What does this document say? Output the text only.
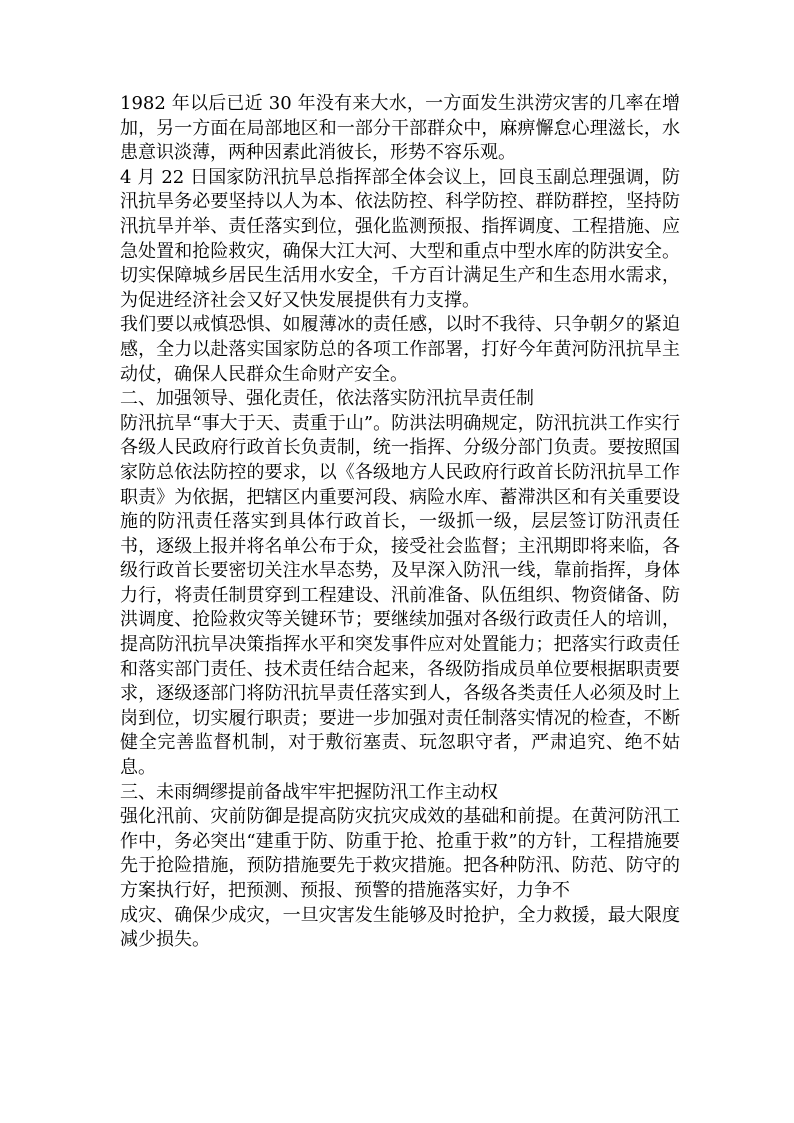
1982 年以后已近 30 年没有来大水，一方面发生洪涝灾害的几率在增加，另一方面在局部地区和一部分干部群众中，麻痹懈怠心理滋长，水患意识淡薄，两种因素此消彼长，形势不容乐观。

4 月 22 日国家防汛抗旱总指挥部全体会议上，回良玉副总理强调，防汛抗旱务必要坚持以人为本、依法防控、科学防控、群防群控，坚持防汛抗旱并举、责任落实到位，强化监测预报、指挥调度、工程措施、应急处置和抢险救灾，确保大江大河、大型和重点中型水库的防洪安全。切实保障城乡居民生活用水安全，千方百计满足生产和生态用水需求，为促进经济社会又好又快发展提供有力支撑。

我们要以戒慎恐惧、如履薄冰的责任感，以时不我待、只争朝夕的紧迫感，全力以赴落实国家防总的各项工作部署，打好今年黄河防汛抗旱主动仗，确保人民群众生命财产安全。

二、加强领导、强化责任，依法落实防汛抗旱责任制

防汛抗旱“事大于天、责重于山”。防洪法明确规定，防汛抗洪工作实行各级人民政府行政首长负责制，统一指挥、分级分部门负责。要按照国家防总依法防控的要求，以《各级地方人民政府行政首长防汛抗旱工作职责》为依据，把辖区内重要河段、病险水库、蓄滞洪区和有关重要设施的防汛责任落实到具体行政首长，一级抓一级，层层签订防汛责任书，逐级上报并将名单公布于众，接受社会监督；主汛期即将来临，各级行政首长要密切关注水旱态势，及早深入防汛一线，靠前指挥，身体力行，将责任制贯穿到工程建设、汛前准备、队伍组织、物资储备、防洪调度、抢险救灾等关键环节；要继续加强对各级行政责任人的培训，提高防汛抗旱决策指挥水平和突发事件应对处置能力；把落实行政责任和落实部门责任、技术责任结合起来，各级防指成员单位要根据职责要求，逐级逐部门将防汛抗旱责任落实到人，各级各类责任人必须及时上岗到位，切实履行职责；要进一步加强对责任制落实情况的检查，不断健全完善监督机制，对于敷衍塞责、玩忽职守者，严肃追究、绝不姑息。

三、未雨绸缪提前备战牢牢把握防汛工作主动权

强化汛前、灾前防御是提高防灾抗灾成效的基础和前提。在黄河防汛工作中，务必突出“建重于防、防重于抢、抢重于救”的方针，工程措施要先于抢险措施，预防措施要先于救灾措施。把各种防汛、防范、防守的方案执行好，把预测、预报、预警的措施落实好，力争不

成灾、确保少成灾，一旦灾害发生能够及时抢护，全力救援，最大限度减少损失。
